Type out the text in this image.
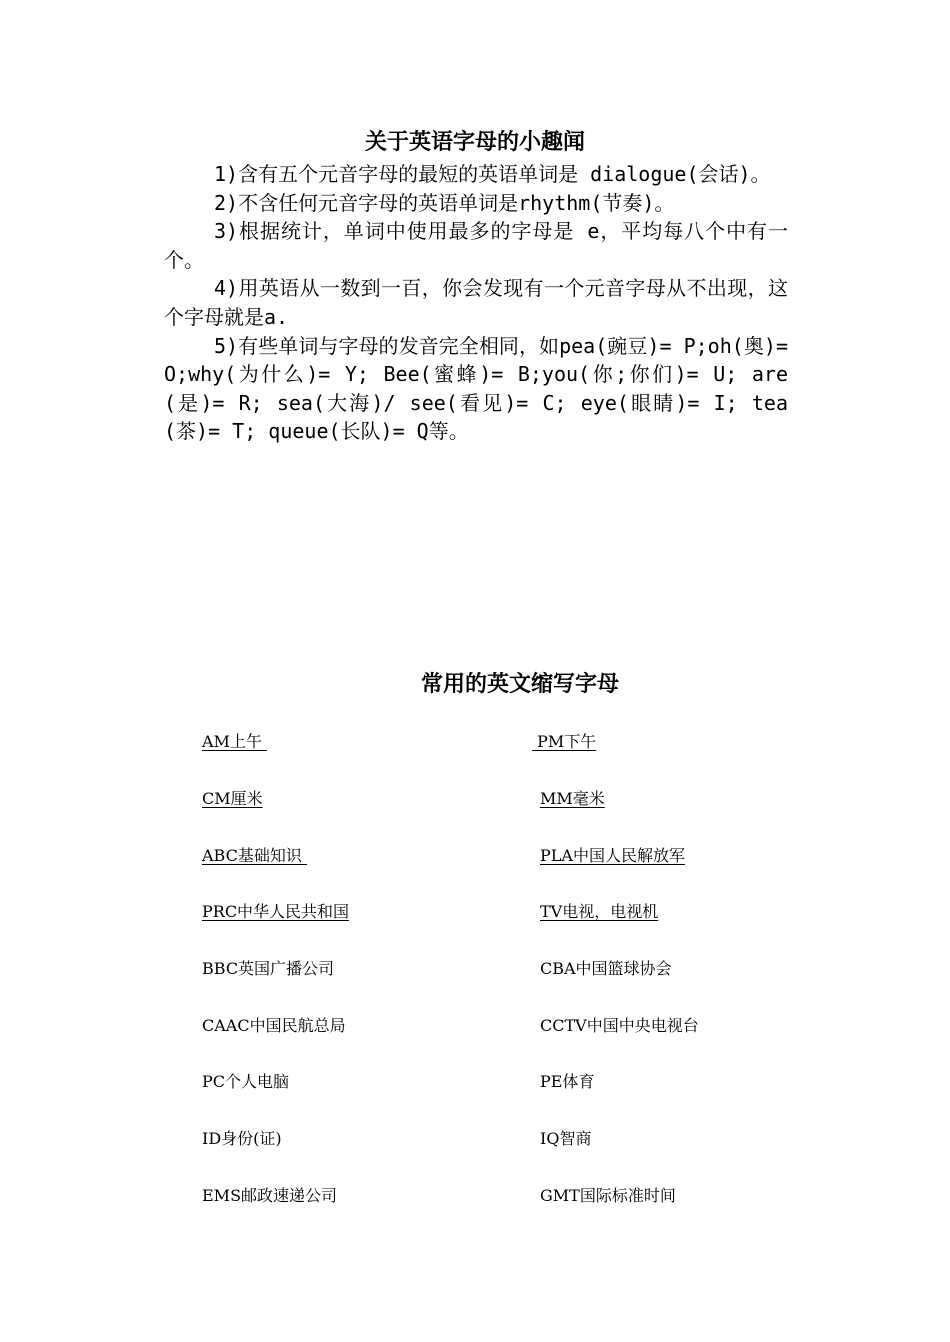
关于英语字母的小趣闻

1)含有五个元音字母的最短的英语单词是 dialogue(会话)。

2)不含任何元音字母的英语单词是rhythm(节奏)。

3)根据统计，单词中使用最多的字母是 e，平均每八个中有一个。

4)用英语从一数到一百，你会发现有一个元音字母从不出现，这个字母就是a.

5)有些单词与字母的发音完全相同，如pea(豌豆)= P;oh(奥)= O;why(为什么)= Y; Bee(蜜蜂)= B;you(你;你们)= U; are(是)= R; sea(大海)/ see(看见)= C; eye(眼睛)= I; tea(茶)= T; queue(长队)= Q等。

常用的英文缩写字母
AM上午	PM下午
CM厘米	MM毫米
ABC基础知识	PLA中国人民解放军
PRC中华人民共和国	TV电视，电视机
BBC英国广播公司	CBA中国篮球协会
CAAC中国民航总局	CCTV中国中央电视台
PC个人电脑	PE体育
ID身份(证)	IQ智商
EMS邮政速递公司	GMT国际标准时间
